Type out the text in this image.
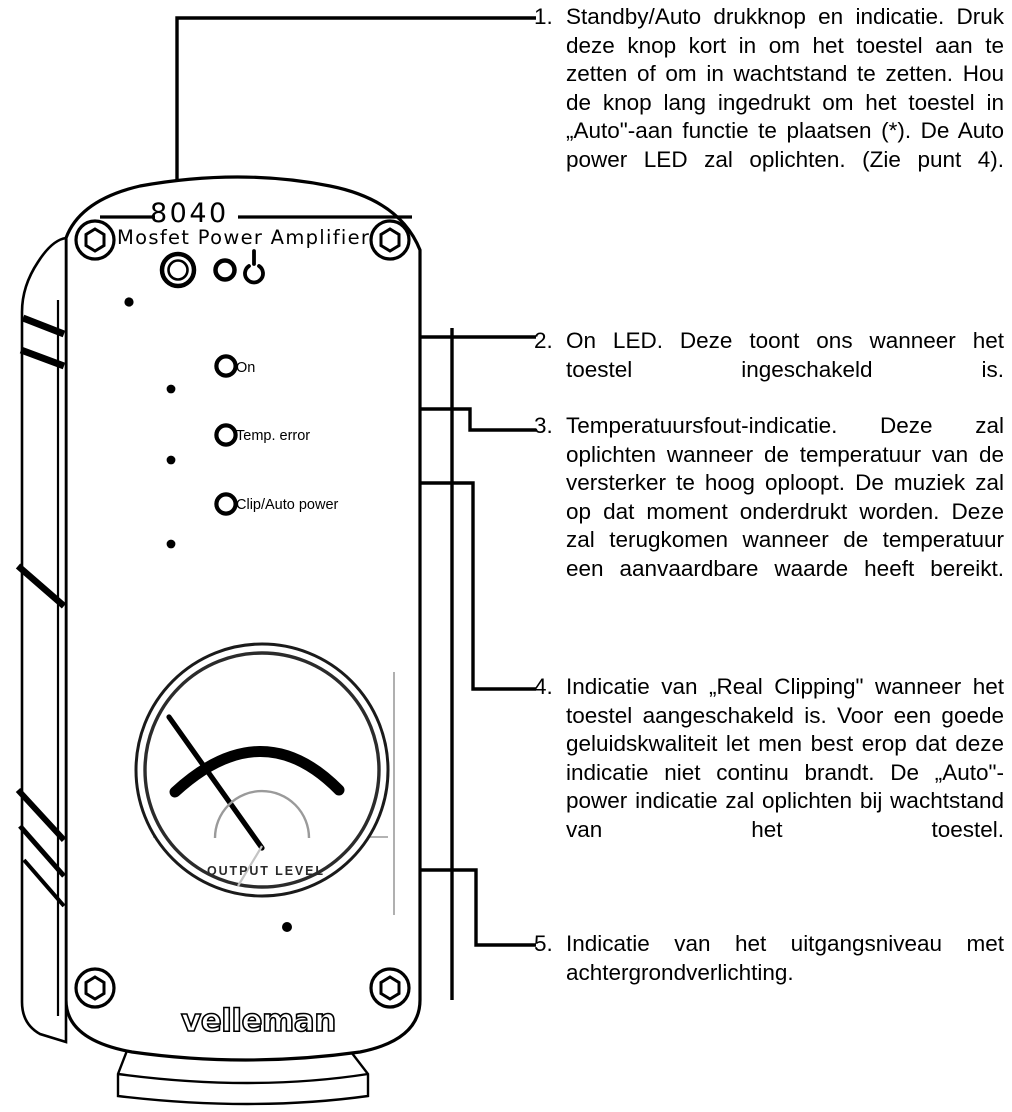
8040
Mosfet Power Amplifier
On
Temp. error
Clip/Auto power
OUTPUT LEVEL
velleman
1. Standby/Auto drukknop en indicatie. Druk deze knop kort in om het toestel aan te zetten of om in wachtstand te zetten. Hou de knop lang ingedrukt om het toestel in „Auto"-aan functie te plaatsen (*). De Auto power LED zal oplichten. (Zie punt 4).
2. On LED. Deze toont ons wanneer het toestel ingeschakeld is.
3. Temperatuursfout-indicatie. Deze zal oplichten wanneer de temperatuur van de versterker te hoog oploopt. De muziek zal op dat moment onderdrukt worden. Deze zal terugkomen wanneer de temperatuur een aanvaardbare waarde heeft bereikt.
4. Indicatie van „Real Clipping" wanneer het toestel aangeschakeld is. Voor een goede geluidskwaliteit let men best erop dat deze indicatie niet continu brandt. De „Auto"-power indicatie zal oplichten bij wachtstand van het toestel.
5. Indicatie van het uitgangsniveau met achtergrondverlichting.
